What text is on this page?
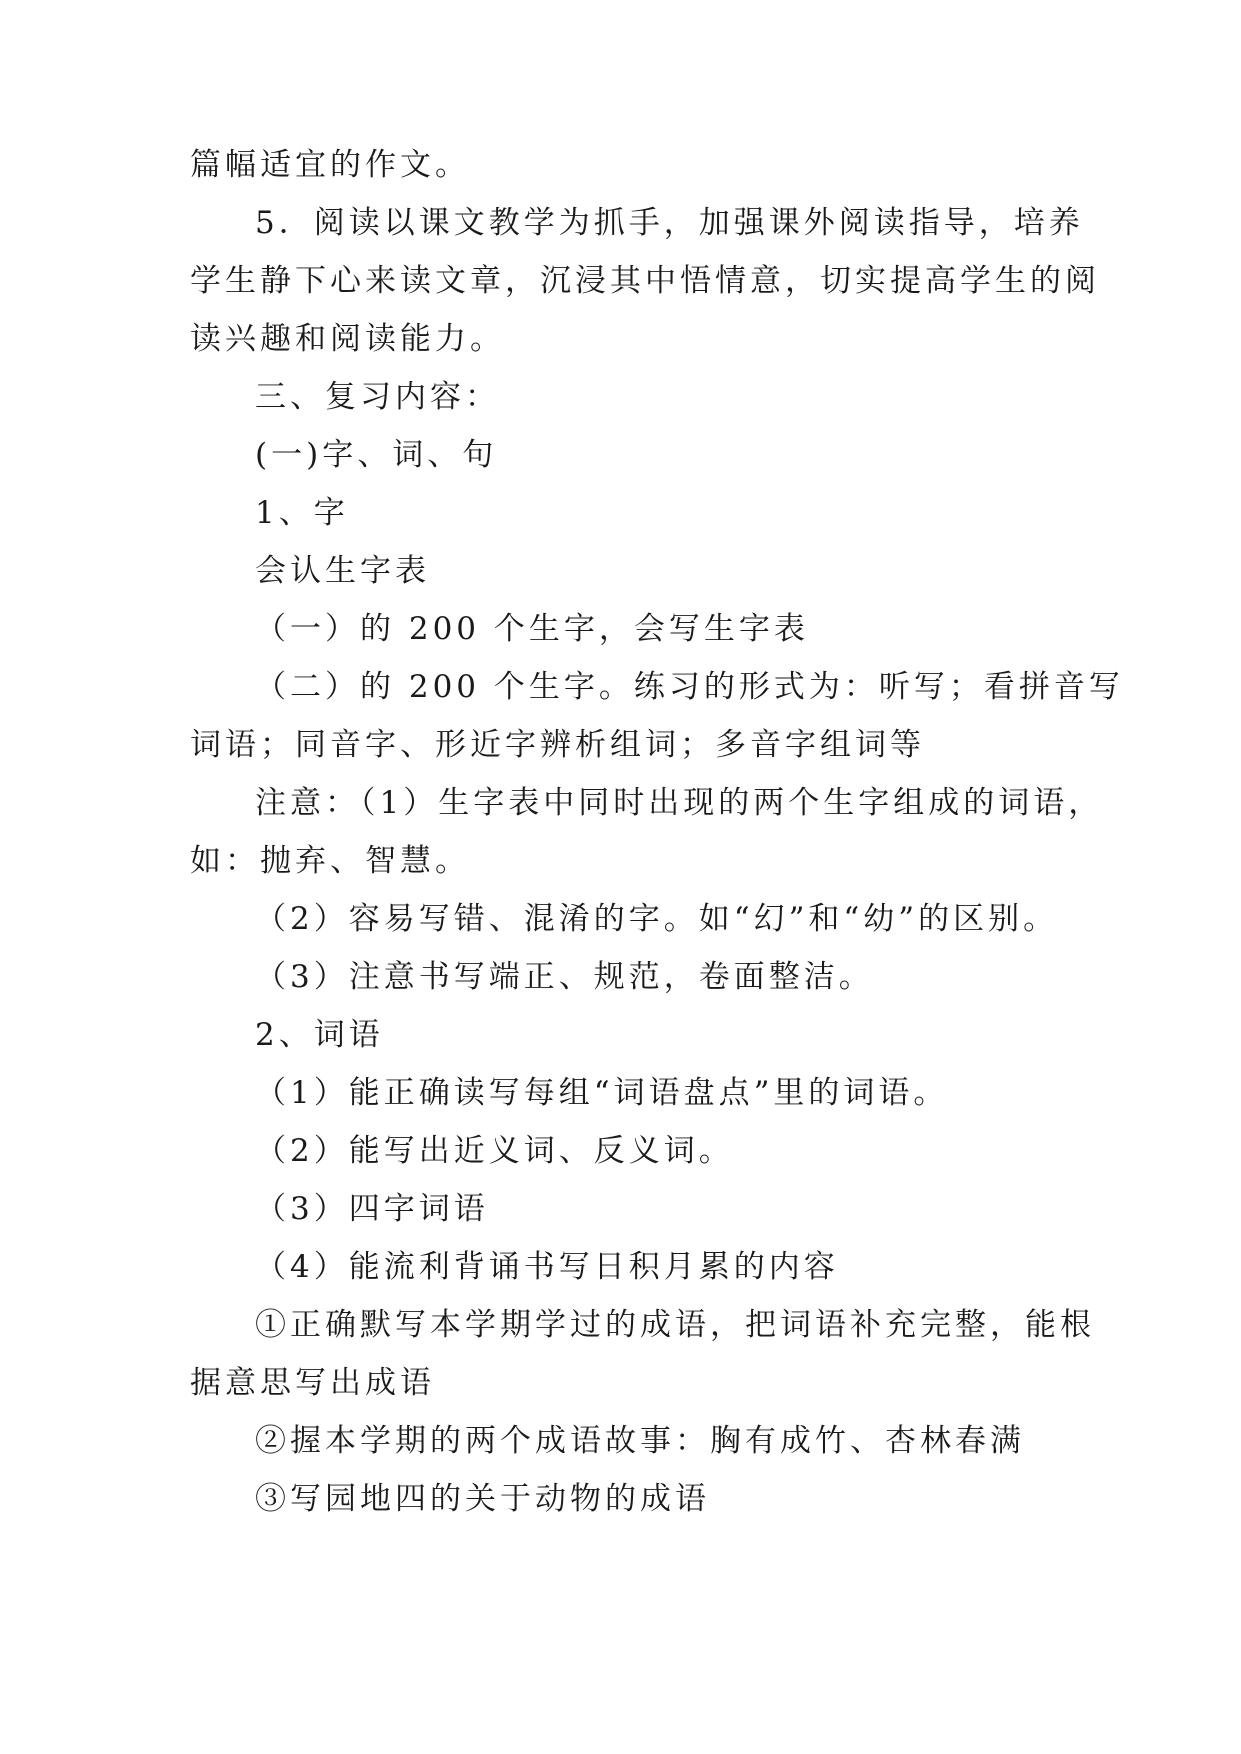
篇幅适宜的作文。
5．阅读以课文教学为抓手，加强课外阅读指导，培养
学生静下心来读文章，沉浸其中悟情意，切实提高学生的阅
读兴趣和阅读能力。
三、复习内容：
(一)字、词、句
1、字
会认生字表
（一）的 200 个生字，会写生字表
（二）的 200 个生字。练习的形式为：听写；看拼音写
词语；同音字、形近字辨析组词；多音字组词等
注意：（1）生字表中同时出现的两个生字组成的词语，
如：抛弃、智慧。
（2）容易写错、混淆的字。如“幻”和“幼”的区别。
（3）注意书写端正、规范，卷面整洁。
2、词语
（1）能正确读写每组“词语盘点”里的词语。
（2）能写出近义词、反义词。
（3）四字词语
（4）能流利背诵书写日积月累的内容
①正确默写本学期学过的成语，把词语补充完整，能根
据意思写出成语
②握本学期的两个成语故事：胸有成竹、杏林春满
③写园地四的关于动物的成语
